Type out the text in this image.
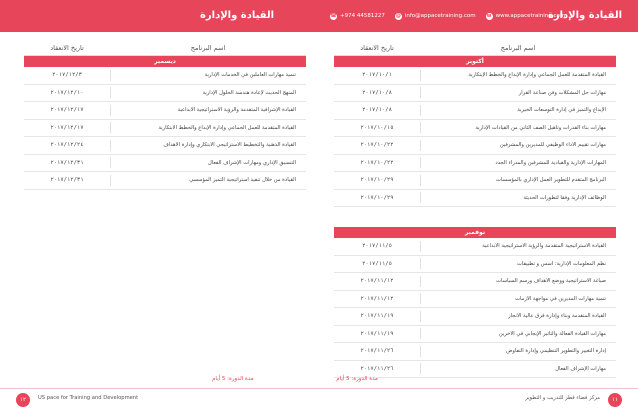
القيادة والإدارة	☎ +974 44581227 @ info@appacetraining.com w www.appacetraining.com
القيادة والإدارة
اسم البرنامج
تاريخ الانعقاد
ديسمبر
تنمية مهارات العاملين في الخدمات الإدارية
٢٠١٧/١٢/٣
المنهج الحديث لإعادة هندسة الحلول الإدارية
٢٠١٧/١٢/١٠
القيادة الإشرافية المتقدمة والرؤية الاستراتيجية الابداعية
٢٠١٧/١٢/١٧
القيادة المتقدمة للعمل الجماعي وإدارة الإبداع والخطط الابتكارية
٢٠١٧/١٢/١٧
القيادة الذهنية والتخطيط الاستراتيجي الابتكاري وإدارة الأهداف
٢٠١٧/١٢/٢٤
التنسيق الإداري ومهارات الإشراف الفعال
٢٠١٧/١٢/٣١
القيادة من خلال تنفيذ استراتيجية التميز المؤسسي
٢٠١٧/١٢/٣١
اسم البرنامج
تاريخ الانعقاد
أكتوبر
القيادة المتقدمة للعمل الجماعي وإدارة الإبداع والخطط الإبتكارية
٢٠١٧/١٠/١
مهارات حل المشكلات وفن صناعة القرار
٢٠١٧/١٠/٨
الإبداع والتميز في إدارة التوسعات الخيرية
٢٠١٧/١٠/٨
مهارات بناء القدرات وتأهيل الصف الثاني من القيادات الإدارية
٢٠١٧/١٠/١٥
مهارات تقييم الأداء الوظيفي للمديرين والمشرفين
٢٠١٧/١٠/٢٢
المهارات الإدارية والقيادية للمشرفين والمدراء الجدد
٢٠١٧/١٠/٢٢
البرنامج المتقدم للتطوير العمل الإداري بالمؤسسات
٢٠١٧/١٠/٢٩
الوظائف الإدارية وفقاً لتطورات الحديثة
٢٠١٧/١٠/٢٩
نوفمبر
القيادة الاستراتيجية المتقدمة والرؤية الاستراتيجية الابداعية
٢٠١٧/١١/٥
نظم المعلومات الإدارية: أسس و تطبيقات
٢٠١٧/١١/٥
صياغة الاستراتيجية ووضع الأهداف ورسم السياسات
٢٠١٧/١١/١٢
تنمية مهارات المديرين في مواجهة الأزمات
٢٠١٧/١١/١٢
القيادة المتقدمة وبناء وإدارة فرق عالية الانجاز
٢٠١٧/١١/١٩
مهارات القيادة الفعالة والتأثير الإيجابي في الآخرين
٢٠١٧/١١/١٩
إدارة التغيير والتطوير التنظيمي وإدارة التفاوض
٢٠١٧/١١/٢٦
مهارات الإشراف الفعال
٢٠١٧/١١/٢٦
مدة الدورة: 5 أيام
مدة الدورة: 5 أيام
١٢	US pace for Training and Development	مركز فضاء قطر للتدريب و التطوير	١١
